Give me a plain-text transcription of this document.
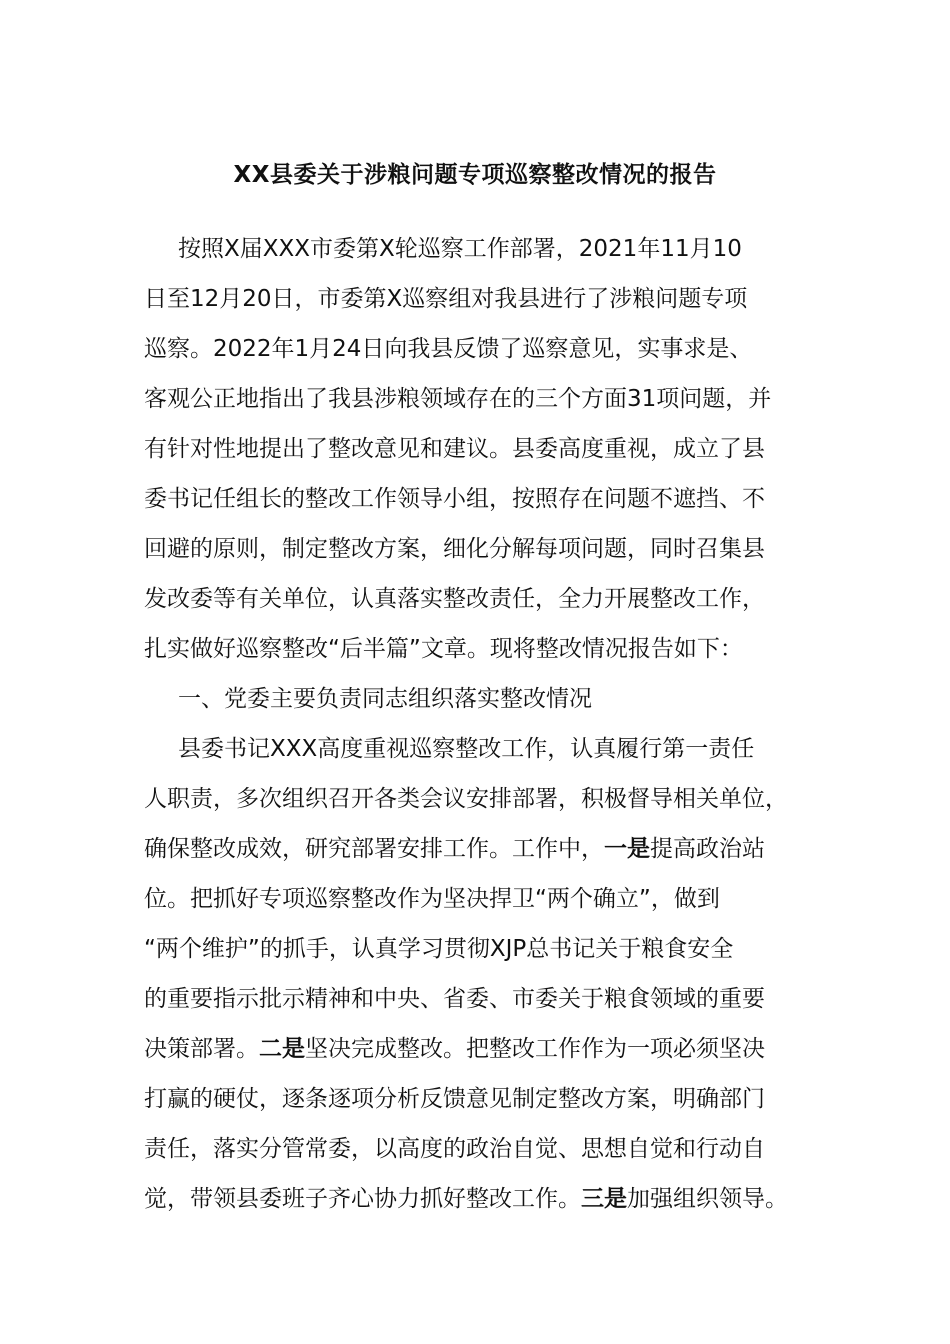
XX县委关于涉粮问题专项巡察整改情况的报告
按照X届XXX市委第X轮巡察工作部署，2021年11月10
日至12月20日，市委第X巡察组对我县进行了涉粮问题专项
巡察。2022年1月24日向我县反馈了巡察意见，实事求是、
客观公正地指出了我县涉粮领域存在的三个方面31项问题，并
有针对性地提出了整改意见和建议。县委高度重视，成立了县
委书记任组长的整改工作领导小组，按照存在问题不遮挡、不
回避的原则，制定整改方案，细化分解每项问题，同时召集县
发改委等有关单位，认真落实整改责任，全力开展整改工作，
扎实做好巡察整改“后半篇”文章。现将整改情况报告如下：
一、党委主要负责同志组织落实整改情况
县委书记XXX高度重视巡察整改工作，认真履行第一责任
人职责，多次组织召开各类会议安排部署，积极督导相关单位，
确保整改成效，研究部署安排工作。工作中，一是提高政治站
位。把抓好专项巡察整改作为坚决捍卫“两个确立”，做到
“两个维护”的抓手，认真学习贯彻XJP总书记关于粮食安全
的重要指示批示精神和中央、省委、市委关于粮食领域的重要
决策部署。二是坚决完成整改。把整改工作作为一项必须坚决
打赢的硬仗，逐条逐项分析反馈意见制定整改方案，明确部门
责任，落实分管常委，以高度的政治自觉、思想自觉和行动自
觉，带领县委班子齐心协力抓好整改工作。三是加强组织领导。
